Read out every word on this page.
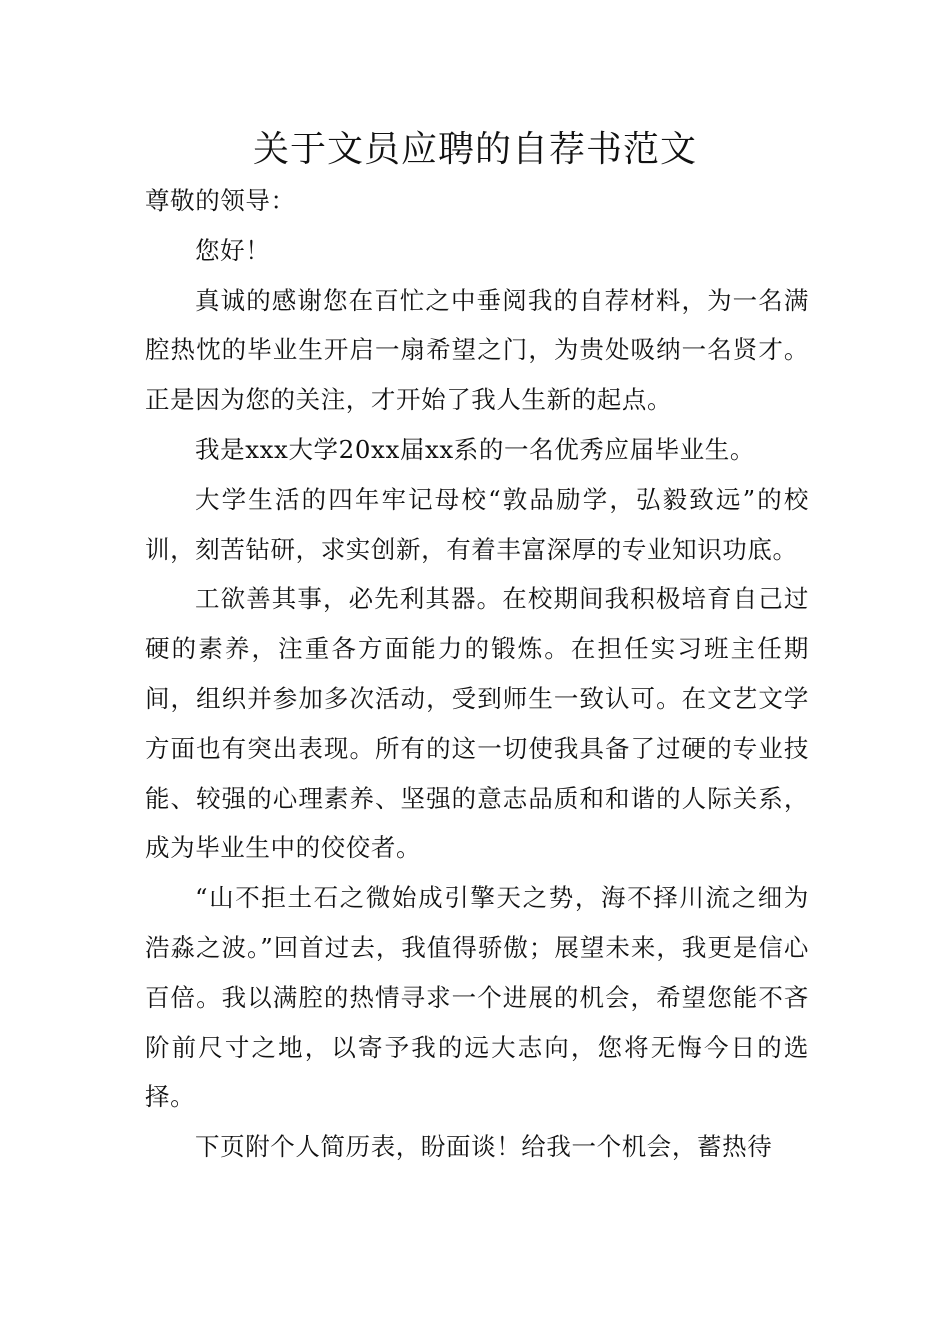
关于文员应聘的自荐书范文

尊敬的领导：

您好！

真诚的感谢您在百忙之中垂阅我的自荐材料，为一名满腔热忱的毕业生开启一扇希望之门，为贵处吸纳一名贤才。正是因为您的关注，才开始了我人生新的起点。

我是xxx大学20xx届xx系的一名优秀应届毕业生。

大学生活的四年牢记母校“敦品励学，弘毅致远”的校训，刻苦钻研，求实创新，有着丰富深厚的专业知识功底。

工欲善其事，必先利其器。在校期间我积极培育自己过硬的素养，注重各方面能力的锻炼。在担任实习班主任期间，组织并参加多次活动，受到师生一致认可。在文艺文学方面也有突出表现。所有的这一切使我具备了过硬的专业技能、较强的心理素养、坚强的意志品质和和谐的人际关系，成为毕业生中的佼佼者。

“山不拒土石之微始成引擎天之势，海不择川流之细为浩淼之波。”回首过去，我值得骄傲；展望未来，我更是信心百倍。我以满腔的热情寻求一个进展的机会，希望您能不吝阶前尺寸之地，以寄予我的远大志向，您将无悔今日的选择。

下页附个人简历表，盼面谈！给我一个机会，蓄热待
